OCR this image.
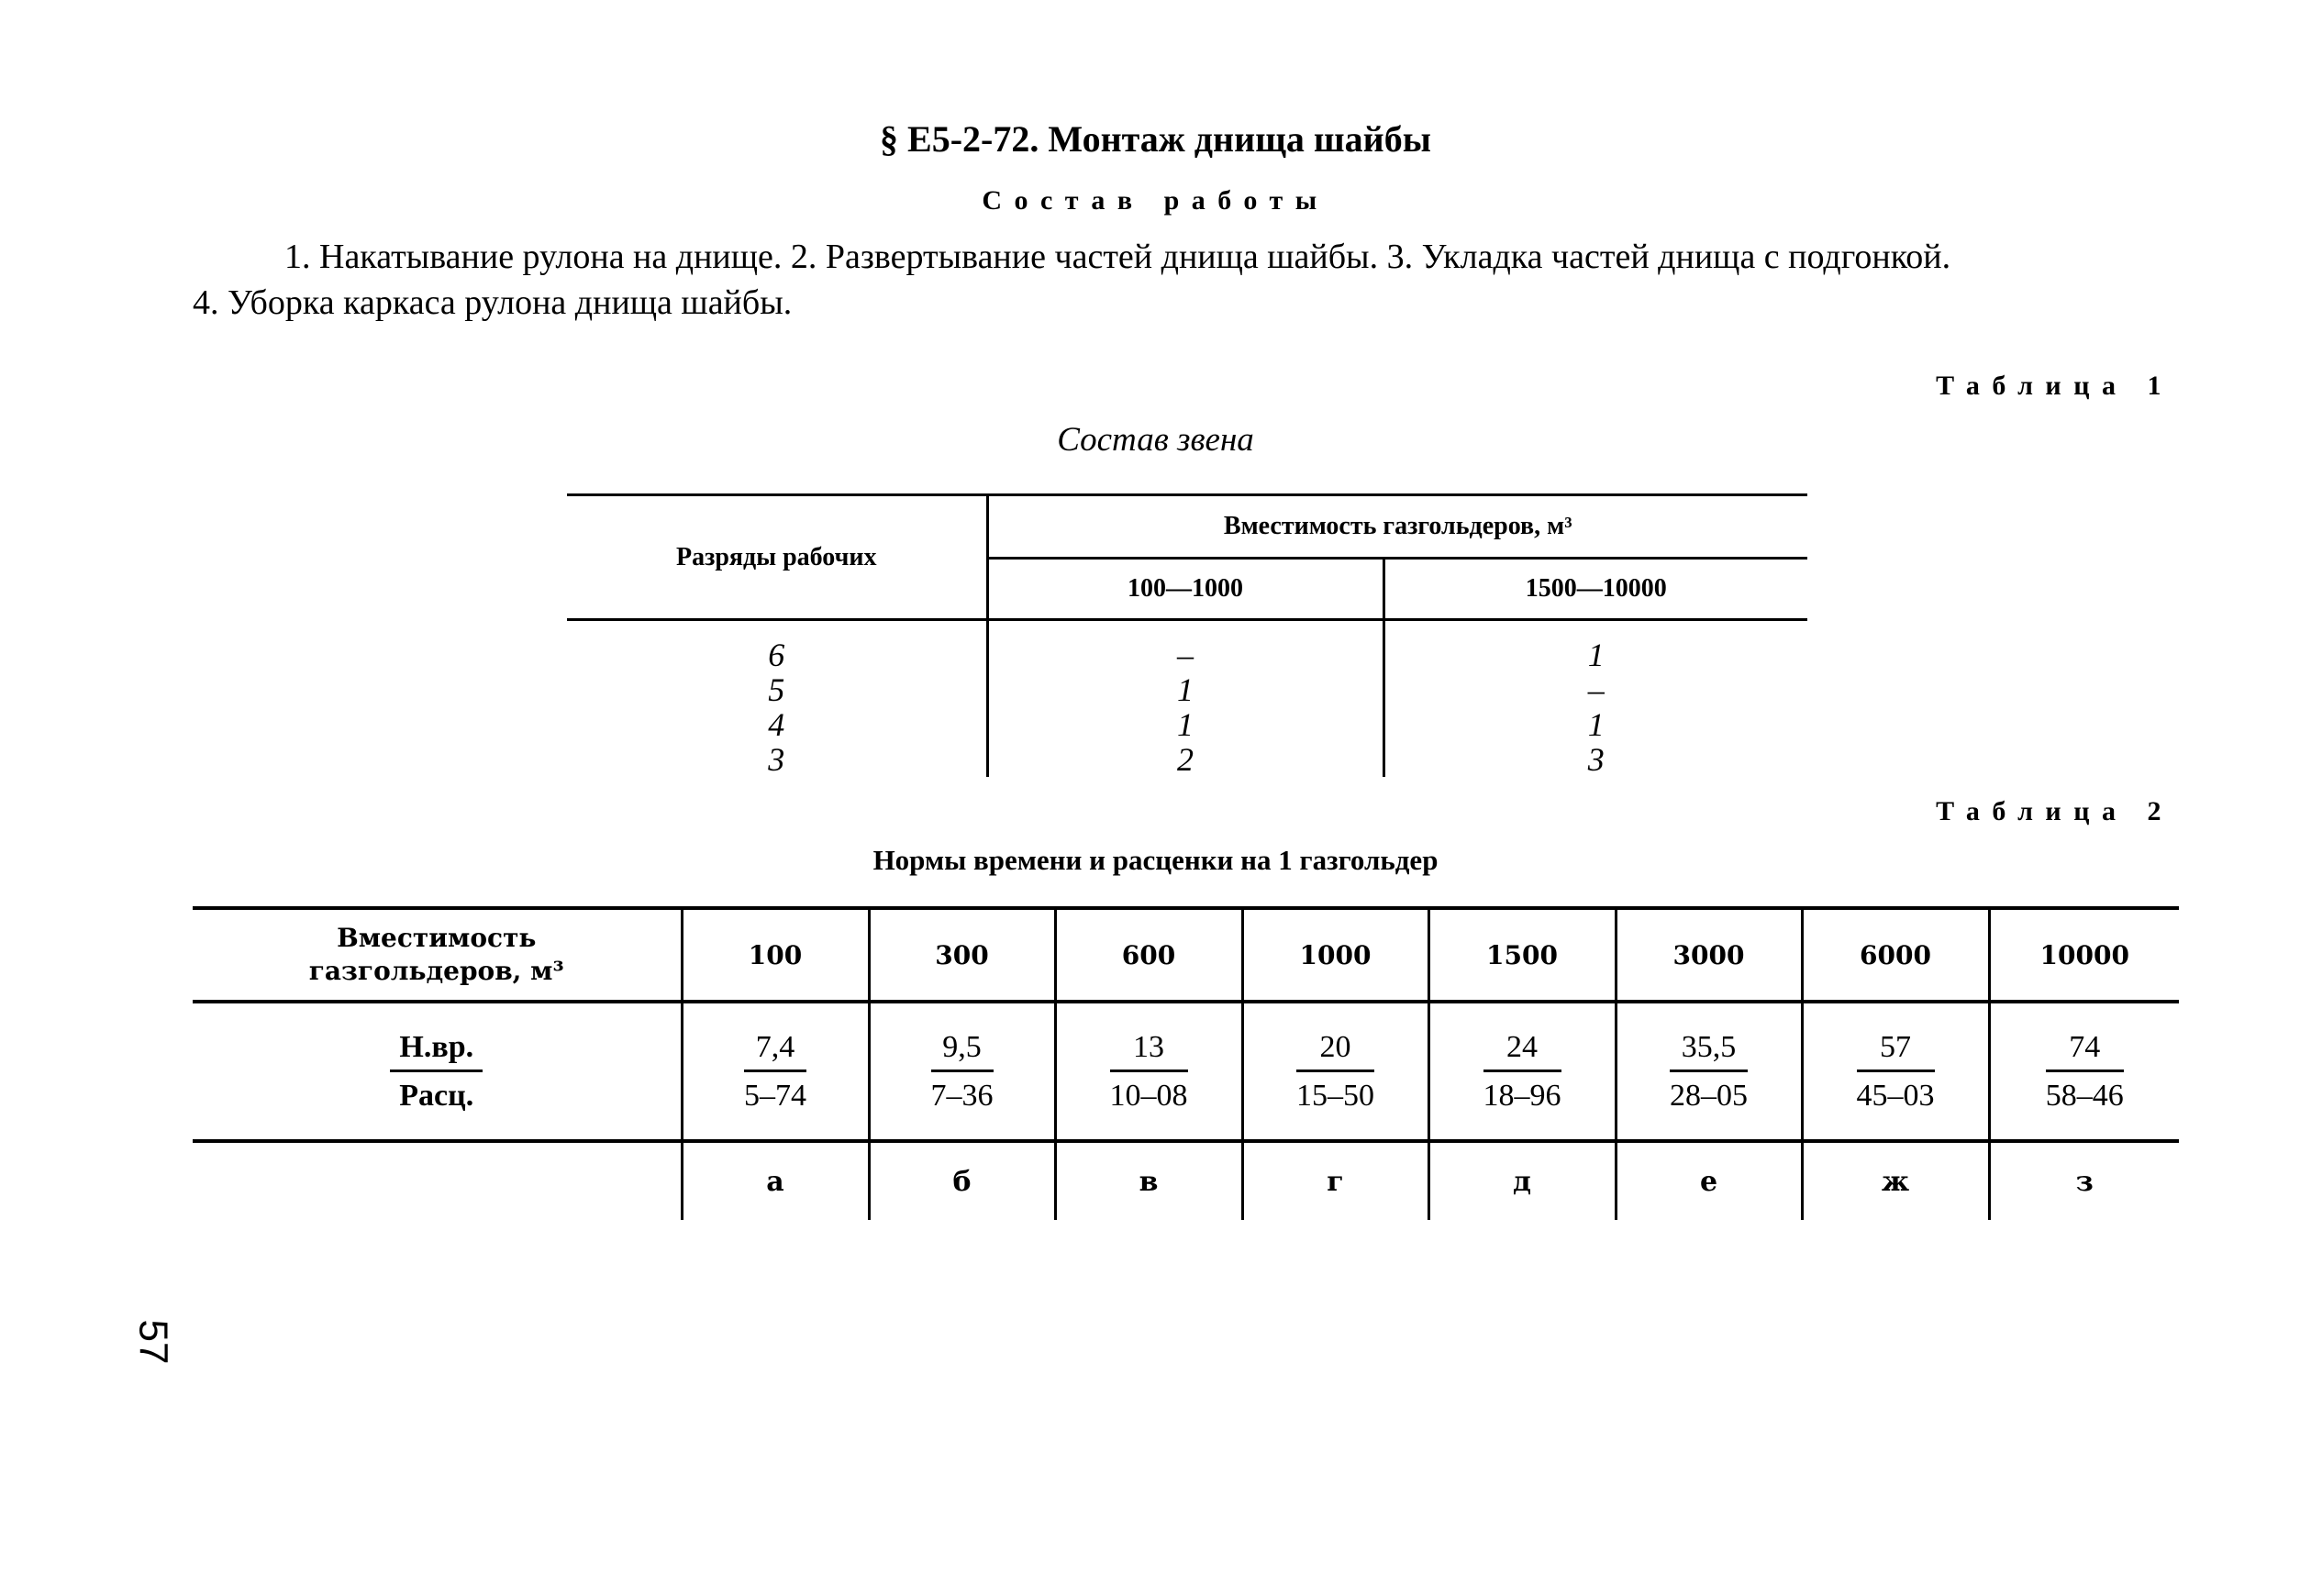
§ Е5-2-72. Монтаж днища шайбы
Состав работы
1. Накатывание рулона на днище. 2. Развертывание частей днища шайбы. 3. Укладка частей днища с подгонкой.
4. Уборка каркаса рулона днища шайбы.
Таблица 1
Состав звена
Разряды рабочих	Вместимость газгольдеров, м³	
	100—1000	1500—10000
6	–	1
5	1	–
4	1	1
3	2	3
Таблица 2
Нормы времени и расценки на 1 газгольдер
Вместимость
газгольдеров, м³	100	300	600	1000	1500	3000	6000	10000

$\frac{Н.вр.}{\text{Расц.}}$	$\frac{7,4}{5-74}$	$\frac{9,5}{7-36}$	$\frac{13}{10-08}$	$\frac{20}{15-50}$	$\frac{24}{18-96}$	$\frac{35,5}{28-05}$	$\frac{57}{45-03}$	$\frac{74}{58-46}$

	а	б	в	г	д	е	ж	з
57
